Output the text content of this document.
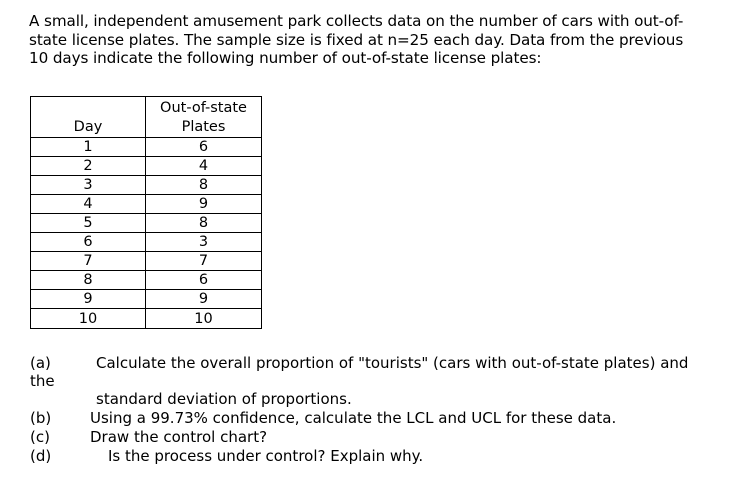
A small, independent amusement park collects data on the number of cars with out-of-
state license plates. The sample size is fixed at n=25 each day. Data from the previous
10 days indicate the following number of out-of-state license plates:
Day	Out-of-state
Plates

1	6
2	4
3	8
4	9
5	8
6	3
7	7
8	6
9	9
10	10
(a)	Calculate the overall proportion of "tourists" (cars with out-of-state plates) and
the
standard deviation of proportions.
(b)	Using a 99.73% confidence, calculate the LCL and UCL for these data.
(c)	Draw the control chart?
(d)	Is the process under control? Explain why.
